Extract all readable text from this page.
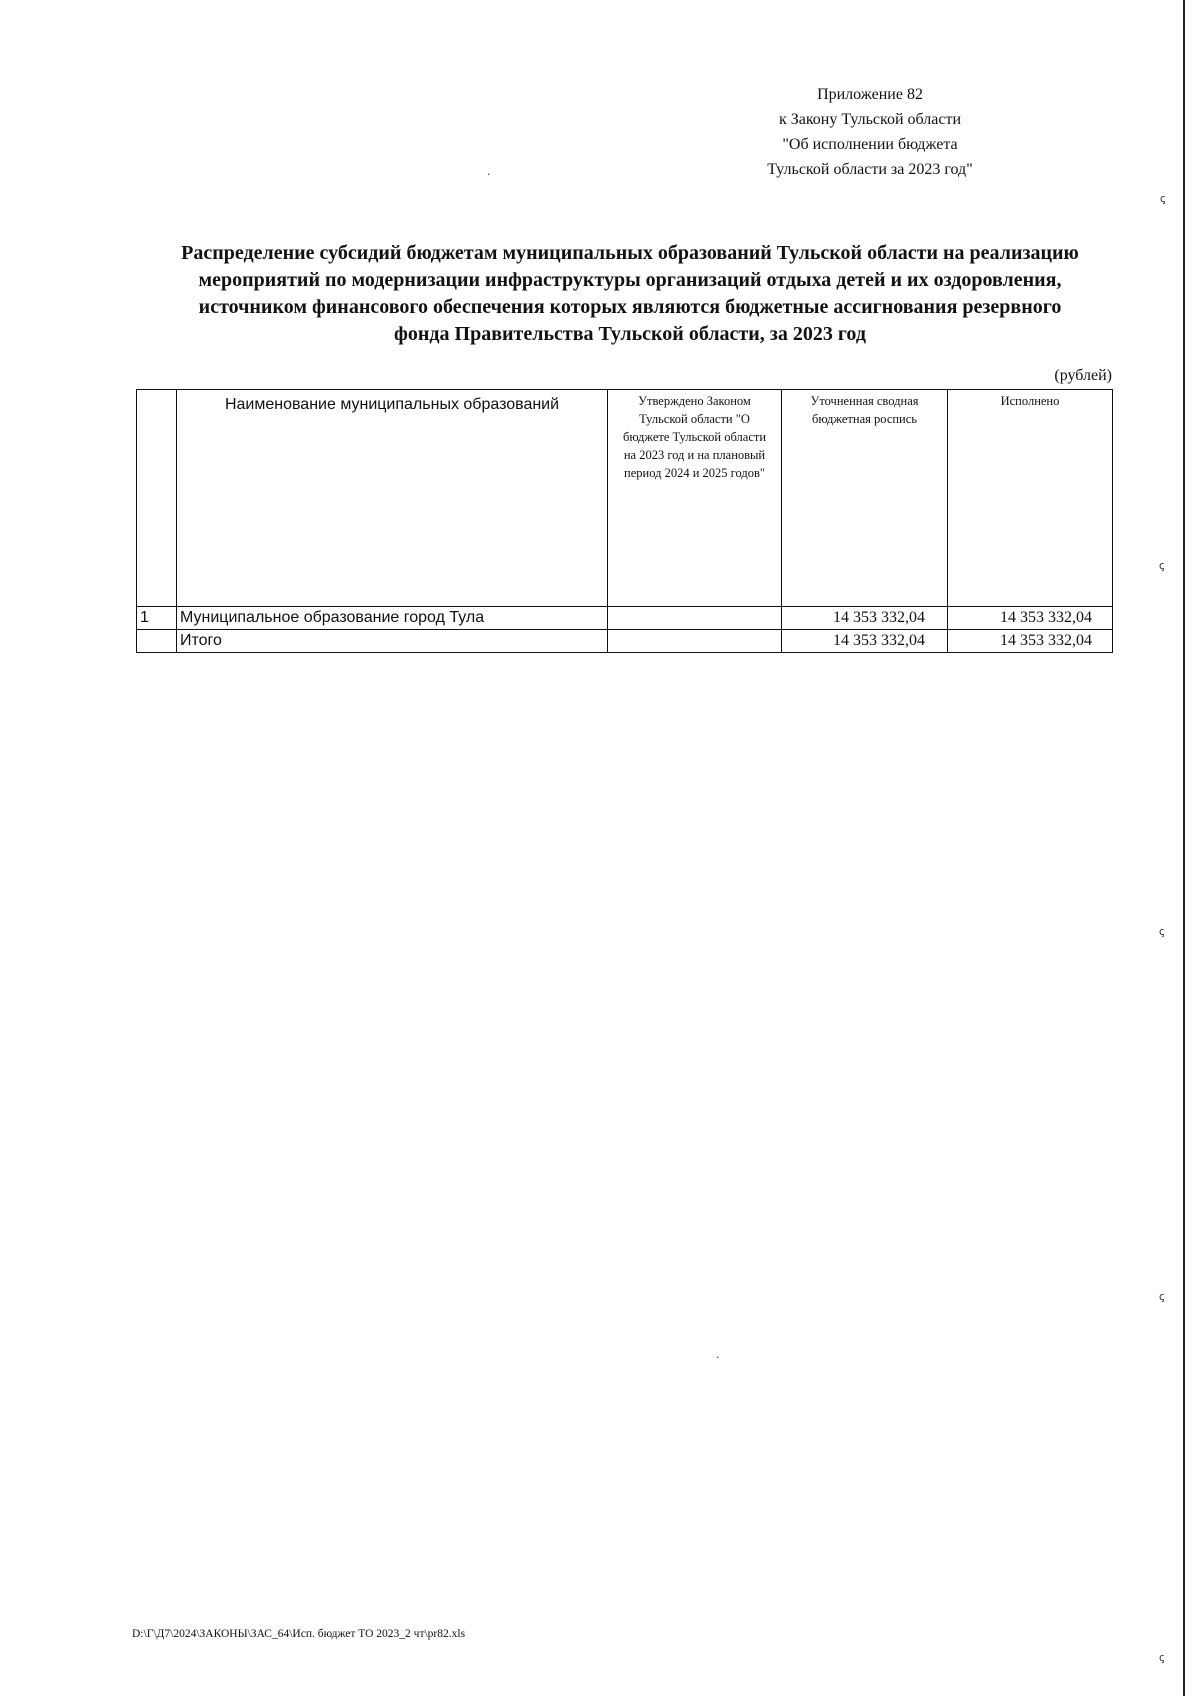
ꞔ
ꞔ
ꞔ
ꞔ
ꞔ
·
·
Приложение 82
к Закону Тульской области
"Об исполнении бюджета
Тульской области за 2023 год"
Распределение субсидий бюджетам муниципальных образований Тульской области на реализацию
мероприятий по модернизации инфраструктуры организаций отдыха детей и их оздоровления,
источником финансового обеспечения которых являются бюджетные ассигнования резервного
фонда Правительства Тульской области, за 2023 год
(рублей)
	Наименование муниципальных образований	Утверждено Законом Тульской области "О бюджете Тульской области на 2023 год и на плановый период 2024 и 2025 годов"	Уточненная сводная бюджетная роспись	Исполнено
1	Муниципальное образование город Тула		14 353 332,04	14 353 332,04
	Итого		14 353 332,04	14 353 332,04
D:\Г\Д7\2024\ЗАКОНЫ\ЗАС_64\Исп. бюджет ТО 2023_2 чт\pr82.xls
